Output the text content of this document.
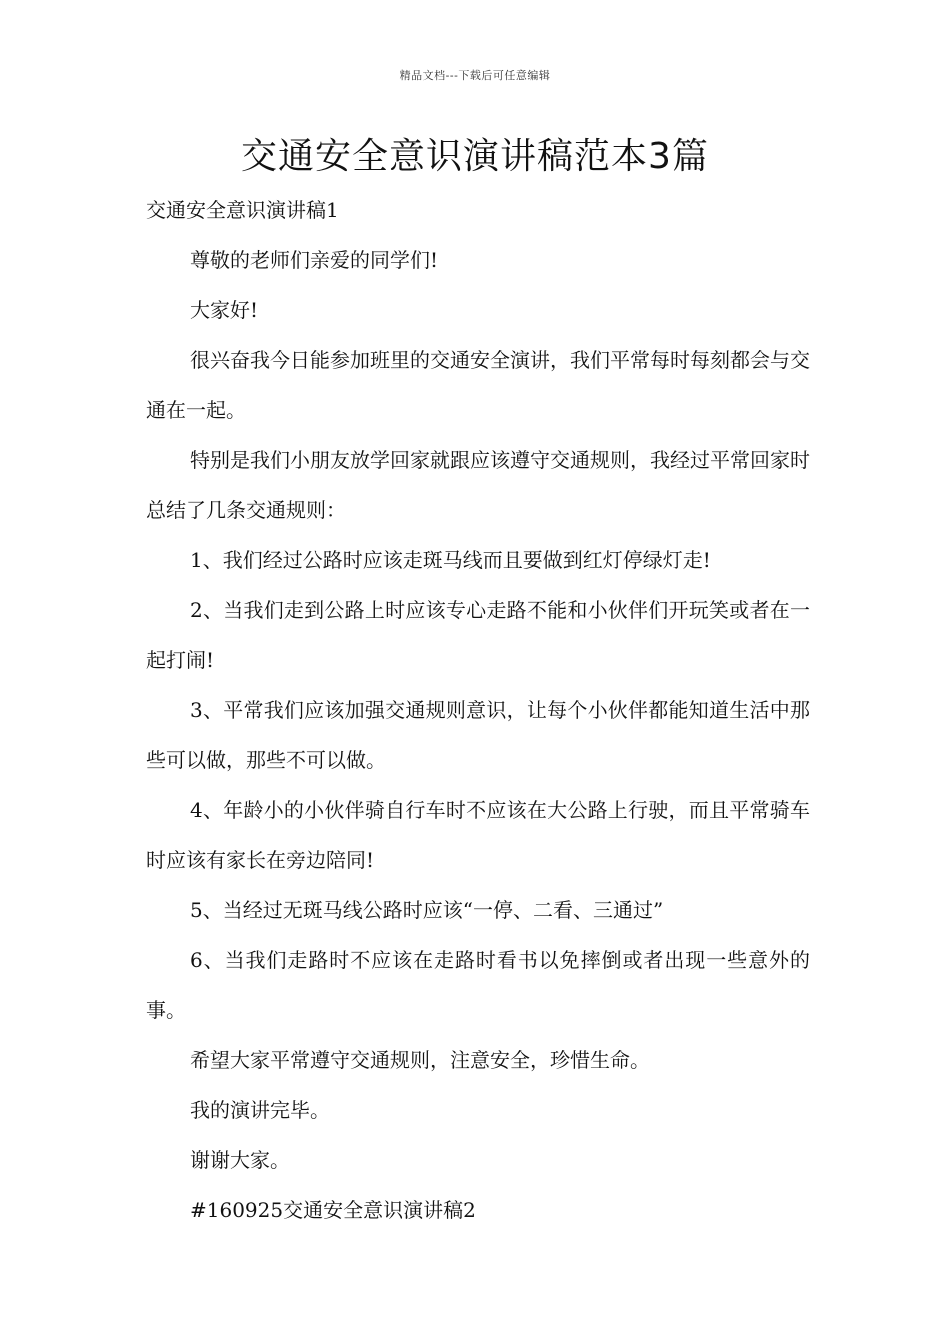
精品文档---下载后可任意编辑
交通安全意识演讲稿范本3篇

交通安全意识演讲稿1

尊敬的老师们亲爱的同学们!

大家好!

很兴奋我今日能参加班里的交通安全演讲，我们平常每时每刻都会与交通在一起。

特别是我们小朋友放学回家就跟应该遵守交通规则，我经过平常回家时总结了几条交通规则：

1、我们经过公路时应该走斑马线而且要做到红灯停绿灯走!

2、当我们走到公路上时应该专心走路不能和小伙伴们开玩笑或者在一起打闹!

3、平常我们应该加强交通规则意识，让每个小伙伴都能知道生活中那些可以做，那些不可以做。

4、年龄小的小伙伴骑自行车时不应该在大公路上行驶，而且平常骑车时应该有家长在旁边陪同!

5、当经过无斑马线公路时应该“一停、二看、三通过”

6、当我们走路时不应该在走路时看书以免摔倒或者出现一些意外的事。

希望大家平常遵守交通规则，注意安全，珍惜生命。

我的演讲完毕。

谢谢大家。

#160925交通安全意识演讲稿2
